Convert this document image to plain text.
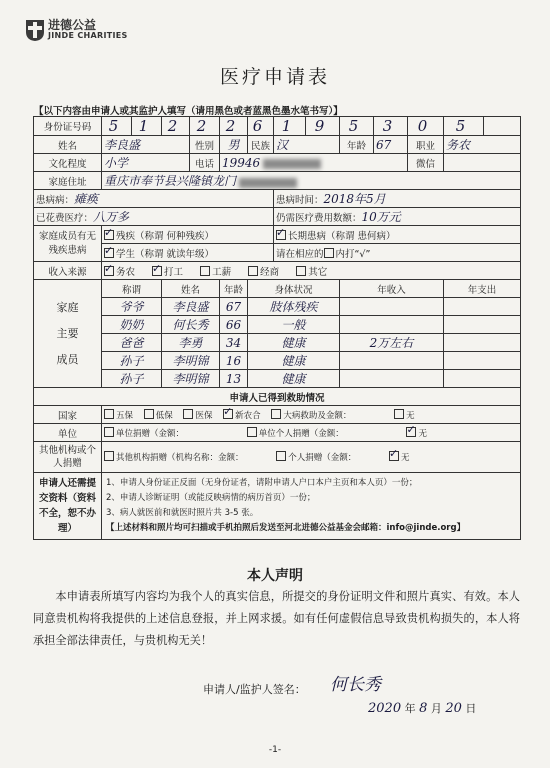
进德公益
JINDE CHARITIES
医疗申请表
【以下内容由申请人或其监护人填写（请用黑色或者蓝黑色墨水笔书写）】
身份证号码	5	1	2	2	2	6	1	9	5	3	0	5	
姓名	李良盛			性别	男	民族	汉		年龄	67	职业	务农	
文化程度	小学			电话	19946						微信		
家庭住址	重庆市奉节县兴隆镇龙门												
患病病：瘫痪							患病时间：2018年5月						
已花费医疗：八万多							仍需医疗费用数额：10万元						
家庭成员有无残疾患病	✓残疾（称谓 何种残疾）	✓长期患病（称谓 患何病）
✓学生（称谓 就读年级）						请在相应的 内打“√”						
收入来源	✓务农 ✓ 打工 工薪 经商 其它

家庭
主要
成员	称谓		姓名		年龄	身体状况			年收入			年支出	
	爷爷		李良盛		67	肢体残疾							
	奶奶		何长秀		66	一般							
	爸爸		李勇		34	健康			2万左右				
	孙子		李明锦		16	健康							
	孙子		李明锦		13	健康							
申请人已得到救助情况													
国家	五保 低保 医保 ✓ 新农合 大病救助及金额： 无
单位	单位捐赠（金额： 单位个人捐赠（金额： ✓ 无
其他机构或个人捐赠	其他机构捐赠（机构名称：金额： 个人捐赠（金额： ✓ 无
申请人还需提交资料（资料不全，恕不办理）	1、申请人身份证正反面（无身份证者，请附申请人户口本户主页和本人页）一份；
2、申请人诊断证明（或能反映病情的病历首页）一份；
3、病人就医前和就医时照片共 3-5 张。
【上述材料和照片均可扫描或手机拍照后发送至河北进德公益基金会邮箱：info@jinde.org】												
本人声明
本申请表所填写内容均为我个人的真实信息，所提交的身份证明文件和照片真实、有效。本人同意贵机构将我提供的上述信息登报，并上网求援。如有任何虚假信息导致贵机构损失的，本人将承担全部法律责任，与贵机构无关！
申请人/监护人签名： 何长秀
2020 年 8 月 20 日
-1-
